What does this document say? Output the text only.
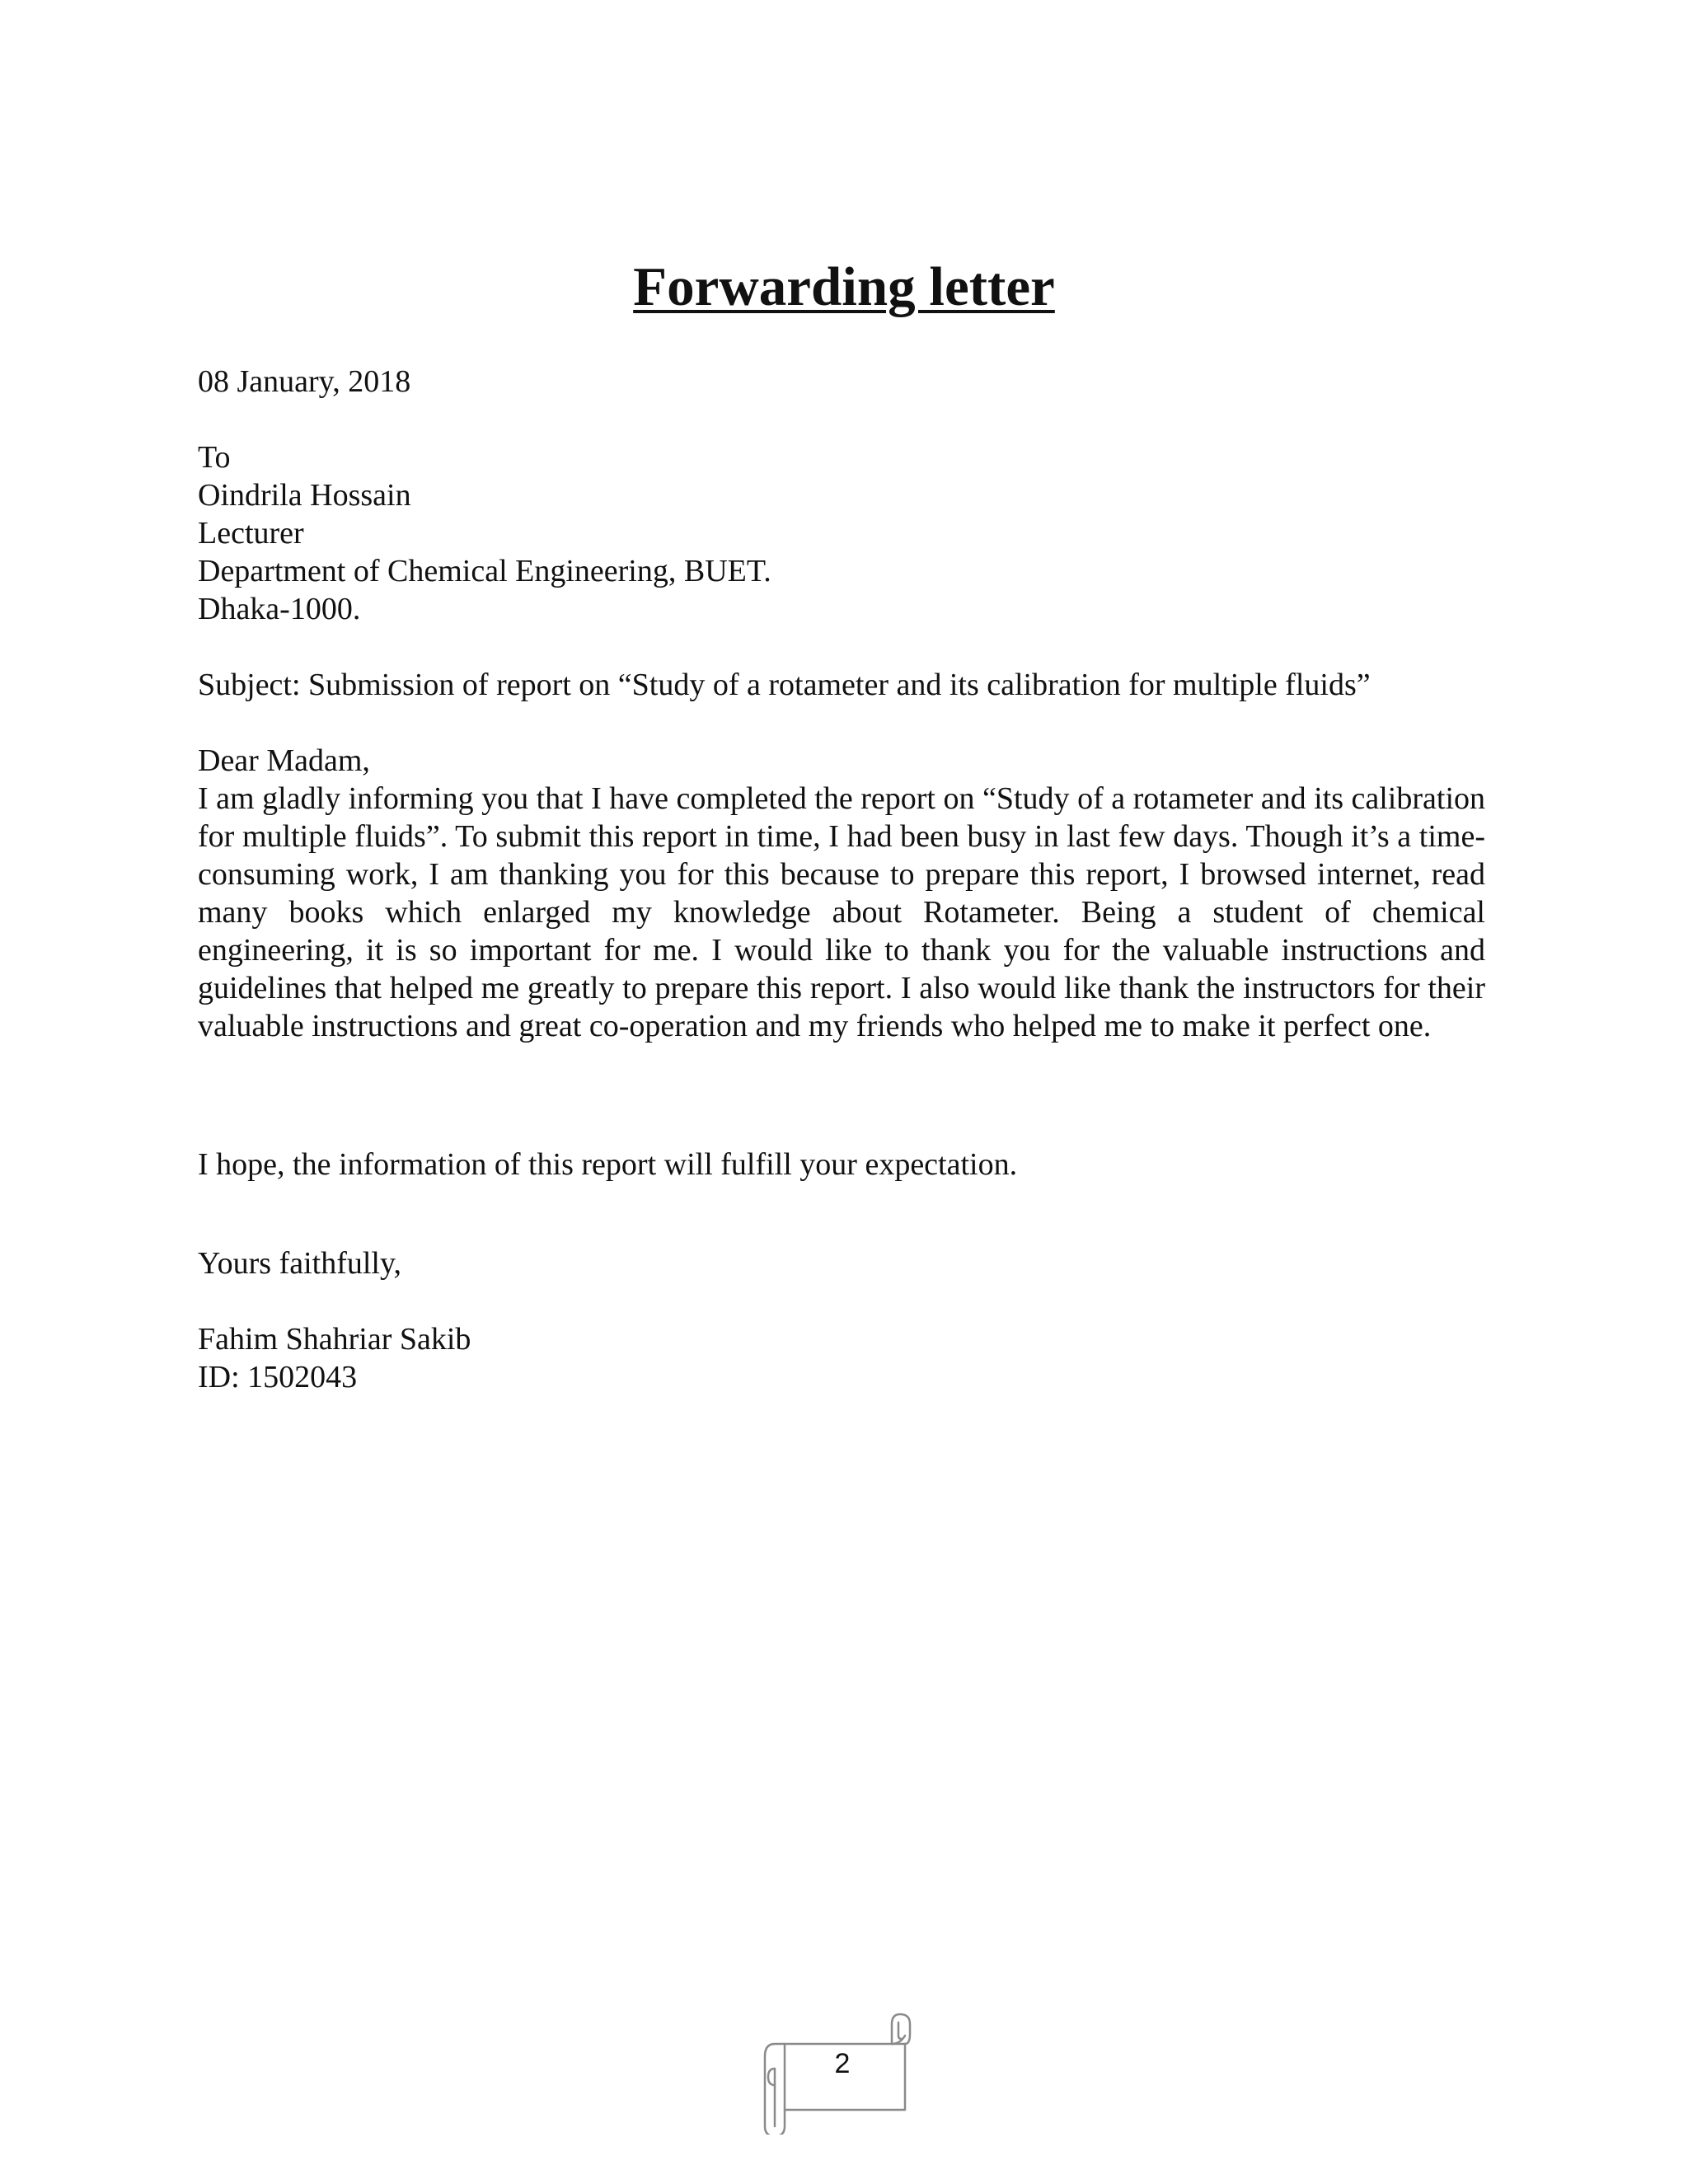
Forwarding letter
08 January, 2018
To
Oindrila Hossain
Lecturer
Department of Chemical Engineering, BUET.
Dhaka-1000.
Subject: Submission of report on “Study of a rotameter and its calibration for multiple fluids”
Dear Madam,
I am gladly informing you that I have completed the report on “Study of a rotameter and its calibration for multiple fluids”. To submit this report in time, I had been busy in last few days. Though it’s a time-consuming work, I am thanking you for this because to prepare this report, I browsed internet, read many books which enlarged my knowledge about Rotameter. Being a student of chemical engineering, it is so important for me. I would like to thank you for the valuable instructions and guidelines that helped me greatly to prepare this report. I also would like thank the instructors for their valuable instructions and great co-operation and my friends who helped me to make it perfect one.
I hope, the information of this report will fulfill your expectation.
Yours faithfully,
Fahim Shahriar Sakib
ID: 1502043
2
